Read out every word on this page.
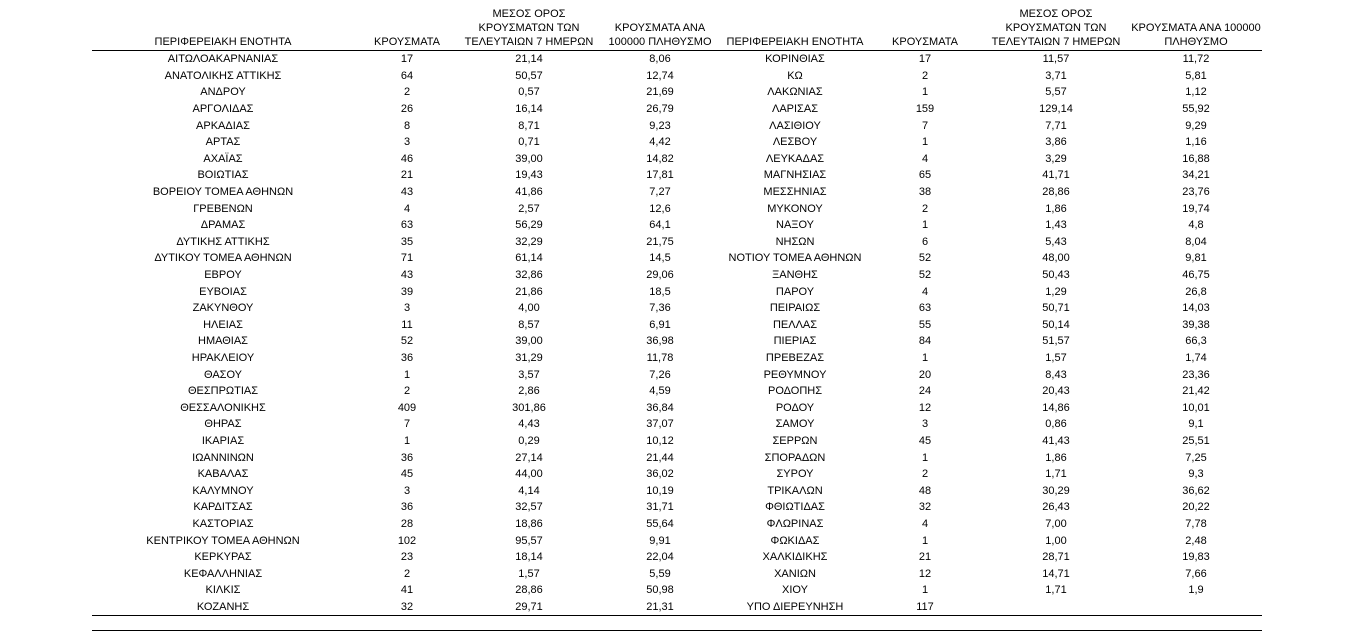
ΠΕΡΙΦΕΡΕΙΑΚΗ ΕΝΟΤΗΤΑ	ΚΡΟΥΣΜΑΤΑ	ΜΕΣΟΣ ΟΡΟΣ ΚΡΟΥΣΜΑΤΩΝ ΤΩΝ ΤΕΛΕΥΤΑΙΩΝ 7 ΗΜΕΡΩΝ	ΚΡΟΥΣΜΑΤΑ ΑΝΑ 100000 ΠΛΗΘΥΣΜΟ	ΠΕΡΙΦΕΡΕΙΑΚΗ ΕΝΟΤΗΤΑ	ΚΡΟΥΣΜΑΤΑ	ΜΕΣΟΣ ΟΡΟΣ ΚΡΟΥΣΜΑΤΩΝ ΤΩΝ ΤΕΛΕΥΤΑΙΩΝ 7 ΗΜΕΡΩΝ	ΚΡΟΥΣΜΑΤΑ ΑΝΑ 100000 ΠΛΗΘΥΣΜΟ
ΑΙΤΩΛΟΑΚΑΡΝΑΝΙΑΣ	17	21,14	8,06	ΚΟΡΙΝΘΙΑΣ	17	11,57	11,72
ΑΝΑΤΟΛΙΚΗΣ ΑΤΤΙΚΗΣ	64	50,57	12,74	ΚΩ	2	3,71	5,81
ΑΝΔΡΟΥ	2	0,57	21,69	ΛΑΚΩΝΙΑΣ	1	5,57	1,12
ΑΡΓΟΛΙΔΑΣ	26	16,14	26,79	ΛΑΡΙΣΑΣ	159	129,14	55,92
ΑΡΚΑΔΙΑΣ	8	8,71	9,23	ΛΑΣΙΘΙΟΥ	7	7,71	9,29
ΑΡΤΑΣ	3	0,71	4,42	ΛΕΣΒΟΥ	1	3,86	1,16
ΑΧΑΪΑΣ	46	39,00	14,82	ΛΕΥΚΑΔΑΣ	4	3,29	16,88
ΒΟΙΩΤΙΑΣ	21	19,43	17,81	ΜΑΓΝΗΣΙΑΣ	65	41,71	34,21
ΒΟΡΕΙΟΥ ΤΟΜΕΑ ΑΘΗΝΩΝ	43	41,86	7,27	ΜΕΣΣΗΝΙΑΣ	38	28,86	23,76
ΓΡΕΒΕΝΩΝ	4	2,57	12,6	ΜΥΚΟΝΟΥ	2	1,86	19,74
ΔΡΑΜΑΣ	63	56,29	64,1	ΝΑΞΟΥ	1	1,43	4,8
ΔΥΤΙΚΗΣ ΑΤΤΙΚΗΣ	35	32,29	21,75	ΝΗΣΩΝ	6	5,43	8,04
ΔΥΤΙΚΟΥ ΤΟΜΕΑ ΑΘΗΝΩΝ	71	61,14	14,5	ΝΟΤΙΟΥ ΤΟΜΕΑ ΑΘΗΝΩΝ	52	48,00	9,81
ΕΒΡΟΥ	43	32,86	29,06	ΞΑΝΘΗΣ	52	50,43	46,75
ΕΥΒΟΙΑΣ	39	21,86	18,5	ΠΑΡΟΥ	4	1,29	26,8
ΖΑΚΥΝΘΟΥ	3	4,00	7,36	ΠΕΙΡΑΙΩΣ	63	50,71	14,03
ΗΛΕΙΑΣ	11	8,57	6,91	ΠΕΛΛΑΣ	55	50,14	39,38
ΗΜΑΘΙΑΣ	52	39,00	36,98	ΠΙΕΡΙΑΣ	84	51,57	66,3
ΗΡΑΚΛΕΙΟΥ	36	31,29	11,78	ΠΡΕΒΕΖΑΣ	1	1,57	1,74
ΘΑΣΟΥ	1	3,57	7,26	ΡΕΘΥΜΝΟΥ	20	8,43	23,36
ΘΕΣΠΡΩΤΙΑΣ	2	2,86	4,59	ΡΟΔΟΠΗΣ	24	20,43	21,42
ΘΕΣΣΑΛΟΝΙΚΗΣ	409	301,86	36,84	ΡΟΔΟΥ	12	14,86	10,01
ΘΗΡΑΣ	7	4,43	37,07	ΣΑΜΟΥ	3	0,86	9,1
ΙΚΑΡΙΑΣ	1	0,29	10,12	ΣΕΡΡΩΝ	45	41,43	25,51
ΙΩΑΝΝΙΝΩΝ	36	27,14	21,44	ΣΠΟΡΑΔΩΝ	1	1,86	7,25
ΚΑΒΑΛΑΣ	45	44,00	36,02	ΣΥΡΟΥ	2	1,71	9,3
ΚΑΛΥΜΝΟΥ	3	4,14	10,19	ΤΡΙΚΑΛΩΝ	48	30,29	36,62
ΚΑΡΔΙΤΣΑΣ	36	32,57	31,71	ΦΘΙΩΤΙΔΑΣ	32	26,43	20,22
ΚΑΣΤΟΡΙΑΣ	28	18,86	55,64	ΦΛΩΡΙΝΑΣ	4	7,00	7,78
ΚΕΝΤΡΙΚΟΥ ΤΟΜΕΑ ΑΘΗΝΩΝ	102	95,57	9,91	ΦΩΚΙΔΑΣ	1	1,00	2,48
ΚΕΡΚΥΡΑΣ	23	18,14	22,04	ΧΑΛΚΙΔΙΚΗΣ	21	28,71	19,83
ΚΕΦΑΛΛΗΝΙΑΣ	2	1,57	5,59	ΧΑΝΙΩΝ	12	14,71	7,66
ΚΙΛΚΙΣ	41	28,86	50,98	ΧΙΟΥ	1	1,71	1,9
ΚΟΖΑΝΗΣ	32	29,71	21,31	ΥΠΟ ΔΙΕΡΕΥΝΗΣΗ	117		
